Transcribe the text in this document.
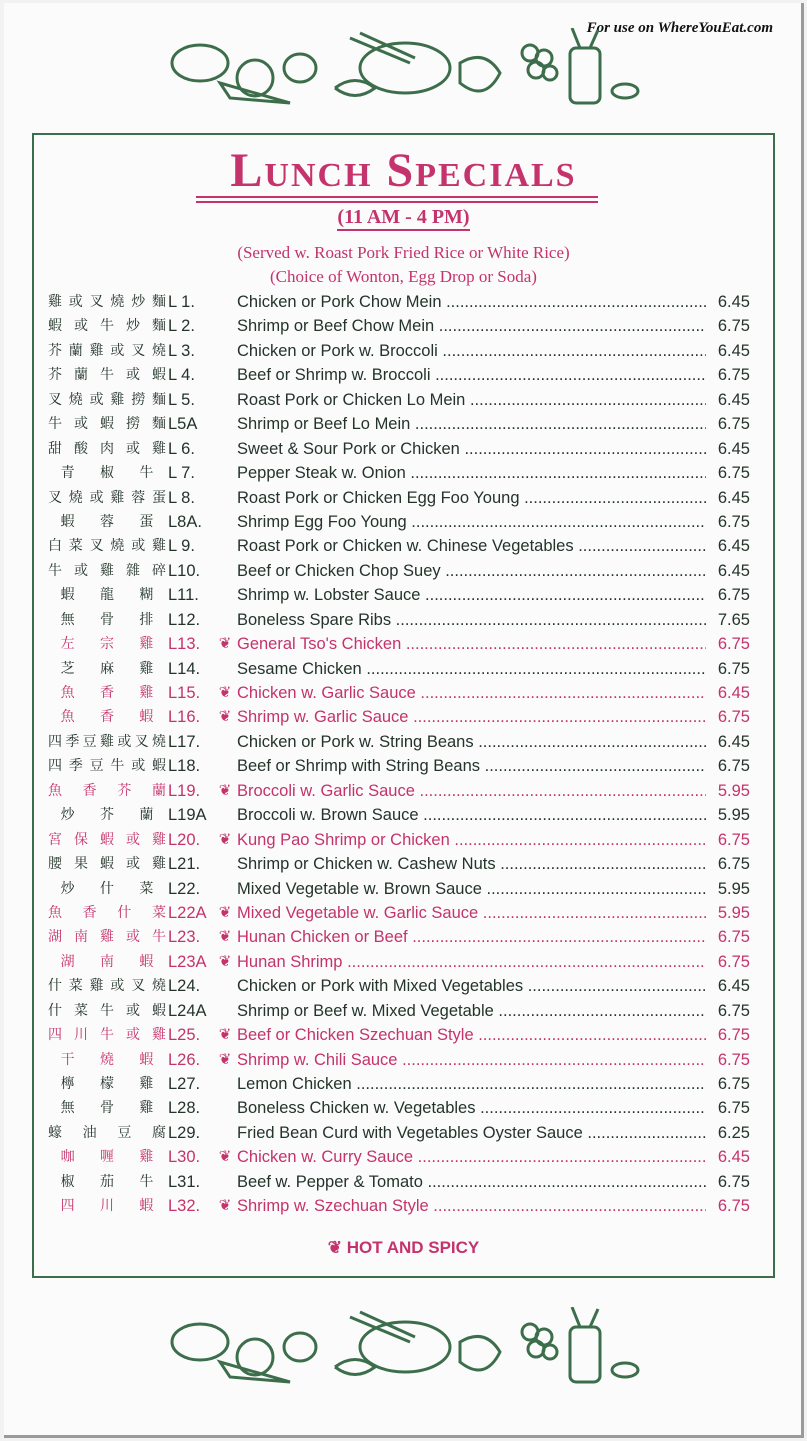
For use on WhereYouEat.com
Lunch Specials
(11 AM - 4 PM)
(Served w. Roast Pork Fried Rice or White Rice)
(Choice of Wonton, Egg Drop or Soda)
雞 或 叉 燒 炒 麵 L 1.	Chicken or Pork Chow Mein .....	6.45
蝦 或 牛 炒 麵 L 2.	Shrimp or Beef Chow Mein .....	6.75
芥 蘭 雞 或 叉 燒 L 3.	Chicken or Pork w. Broccoli .....	6.45
芥 蘭 牛 或 蝦 L 4.	Beef or Shrimp w. Broccoli .....	6.75
叉 燒 或 雞 撈 麵 L 5.	Roast Pork or Chicken Lo Mein .....	6.45
牛 或 蝦 撈 麵 L5A	Shrimp or Beef Lo Mein .....	6.75
甜 酸 肉 或 雞 L 6.	Sweet & Sour Pork or Chicken .....	6.45
青 椒 牛 L 7.	Pepper Steak w. Onion .....	6.75
叉 燒 或 雞 蓉 蛋 L 8.	Roast Pork or Chicken Egg Foo Young .....	6.45
蝦 蓉 蛋 L8A.	Shrimp Egg Foo Young .....	6.75
白 菜 叉 燒 或 雞 L 9.	Roast Pork or Chicken w. Chinese Vegetables .....	6.45
牛 或 雞 雜 碎 L10.	Beef or Chicken Chop Suey .....	6.45
蝦 龍 糊 L11.	Shrimp w. Lobster Sauce .....	6.75
無 骨 排 L12.	Boneless Spare Ribs .....	7.65
左 宗 雞 L13.	❦ General Tso's Chicken .....	6.75
芝 麻 雞 L14.	Sesame Chicken .....	6.75
魚 香 雞 L15.	❦ Chicken w. Garlic Sauce .....	6.45
魚 香 蝦 L16.	❦ Shrimp w. Garlic Sauce .....	6.75
四 季 豆 雞 或 叉 燒 L17.	Chicken or Pork w. String Beans .....	6.45
四 季 豆 牛 或 蝦 L18.	Beef or Shrimp with String Beans .....	6.75
魚 香 芥 蘭 L19.	❦ Broccoli w. Garlic Sauce .....	5.95
炒 芥 蘭 L19A Broccoli w. Brown Sauce .....	5.95
宮 保 蝦 或 雞 L20.	❦ Kung Pao Shrimp or Chicken .....	6.75
腰 果 蝦 或 雞 L21.	Shrimp or Chicken w. Cashew Nuts .....	6.75
炒 什 菜 L22.	Mixed Vegetable w. Brown Sauce .....	5.95
魚 香 什 菜 L22A ❦ Mixed Vegetable w. Garlic Sauce .....	5.95
湖 南 雞 或 牛 L23.	❦ Hunan Chicken or Beef .....	6.75
湖 南 蝦 L23A ❦ Hunan Shrimp .....	6.75
什 菜 雞 或 叉 燒 L24.	Chicken or Pork with Mixed Vegetables .....	6.45
什 菜 牛 或 蝦 L24A Shrimp or Beef w. Mixed Vegetable .....	6.75
四 川 牛 或 雞 L25.	❦ Beef or Chicken Szechuan Style .....	6.75
干 燒 蝦 L26.	❦ Shrimp w. Chili Sauce .....	6.75
檸 檬 雞 L27.	Lemon Chicken .....	6.75
無 骨 雞 L28.	Boneless Chicken w. Vegetables .....	6.75
蠔 油 豆 腐 L29.	Fried Bean Curd with Vegetables Oyster Sauce .....	6.25
咖 喱 雞 L30.	❦ Chicken w. Curry Sauce .....	6.45
椒 茄 牛 L31.	Beef w. Pepper & Tomato .....	6.75
四 川 蝦 L32.	❦ Shrimp w. Szechuan Style .....	6.75
❦ HOT AND SPICY
